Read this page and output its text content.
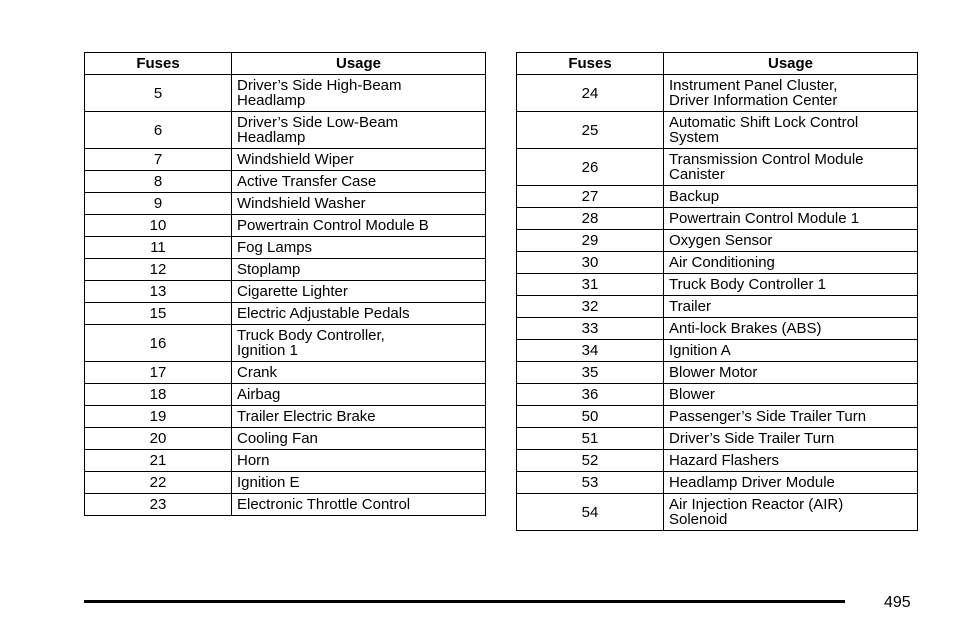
Fuses	Usage
5	Driver’s Side High-Beam
Headlamp
6	Driver’s Side Low-Beam
Headlamp
7	Windshield Wiper
8	Active Transfer Case
9	Windshield Washer
10	Powertrain Control Module B
11	Fog Lamps
12	Stoplamp
13	Cigarette Lighter
15	Electric Adjustable Pedals
16	Truck Body Controller,
Ignition 1
17	Crank
18	Airbag
19	Trailer Electric Brake
20	Cooling Fan
21	Horn
22	Ignition E
23	Electronic Throttle Control
Fuses	Usage
24	Instrument Panel Cluster,
Driver Information Center
25	Automatic Shift Lock Control
System
26	Transmission Control Module
Canister
27	Backup
28	Powertrain Control Module 1
29	Oxygen Sensor
30	Air Conditioning
31	Truck Body Controller 1
32	Trailer
33	Anti-lock Brakes (ABS)
34	Ignition A
35	Blower Motor
36	Blower
50	Passenger’s Side Trailer Turn
51	Driver’s Side Trailer Turn
52	Hazard Flashers
53	Headlamp Driver Module
54	Air Injection Reactor (AIR)
Solenoid
495
